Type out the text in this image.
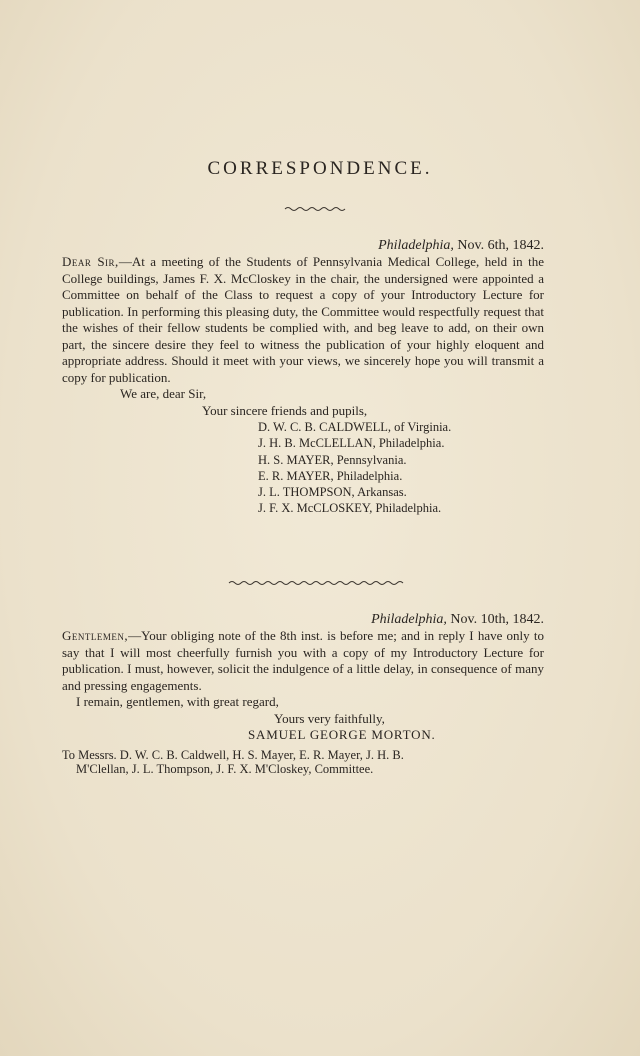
CORRESPONDENCE.
Philadelphia, Nov. 6th, 1842.

Dear Sir,—At a meeting of the Students of Pennsylvania Medical College, held in the College buildings, James F. X. McCloskey in the chair, the undersigned were appointed a Committee on behalf of the Class to request a copy of your Introductory Lecture for publication. In performing this pleasing duty, the Committee would respectfully request that the wishes of their fellow students be complied with, and beg leave to add, on their own part, the sincere desire they feel to witness the publication of your highly eloquent and appropriate address. Should it meet with your views, we sincerely hope you will transmit a copy for publication.

We are, dear Sir,

Your sincere friends and pupils,

D. W. C. B. CALDWELL, of Virginia.

J. H. B. McCLELLAN, Philadelphia.

H. S. MAYER, Pennsylvania.

E. R. MAYER, Philadelphia.

J. L. THOMPSON, Arkansas.

J. F. X. McCLOSKEY, Philadelphia.

Philadelphia, Nov. 10th, 1842.

Gentlemen,—Your obliging note of the 8th inst. is before me; and in reply I have only to say that I will most cheerfully furnish you with a copy of my Introductory Lecture for publication. I must, however, solicit the indulgence of a little delay, in consequence of many and pressing engagements.

I remain, gentlemen, with great regard,

Yours very faithfully,

SAMUEL GEORGE MORTON.

To Messrs. D. W. C. B. Caldwell, H. S. Mayer, E. R. Mayer, J. H. B.
M'Clellan, J. L. Thompson, J. F. X. M'Closkey, Committee.
